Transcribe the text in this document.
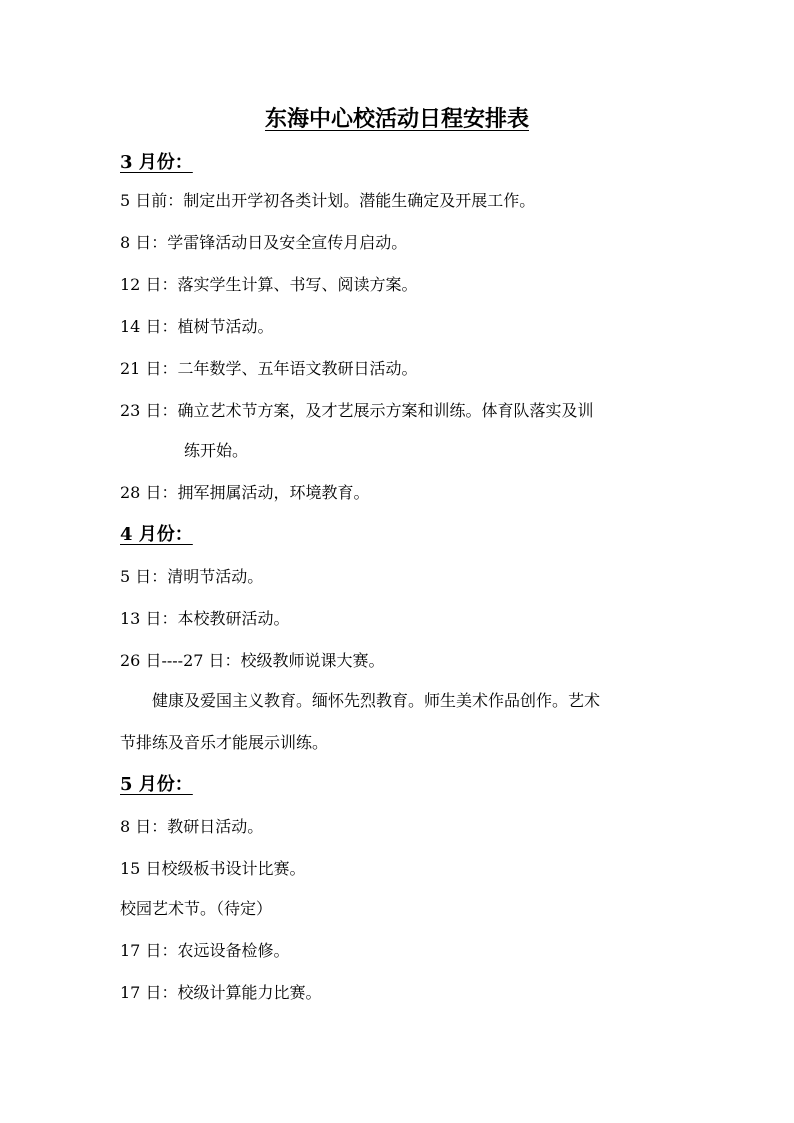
东海中心校活动日程安排表
3 月份：
5 日前：制定出开学初各类计划。潜能生确定及开展工作。
8 日：学雷锋活动日及安全宣传月启动。
12 日：落实学生计算、书写、阅读方案。
14 日：植树节活动。
21 日：二年数学、五年语文教研日活动。
23 日：确立艺术节方案，及才艺展示方案和训练。体育队落实及训
练开始。
28 日：拥军拥属活动，环境教育。
4 月份：
5 日：清明节活动。
13 日：本校教研活动。
26 日----27 日：校级教师说课大赛。
健康及爱国主义教育。缅怀先烈教育。师生美术作品创作。艺术
节排练及音乐才能展示训练。
5 月份：
8 日：教研日活动。
15 日校级板书设计比赛。
校园艺术节。（待定）
17 日：农远设备检修。
17 日：校级计算能力比赛。
